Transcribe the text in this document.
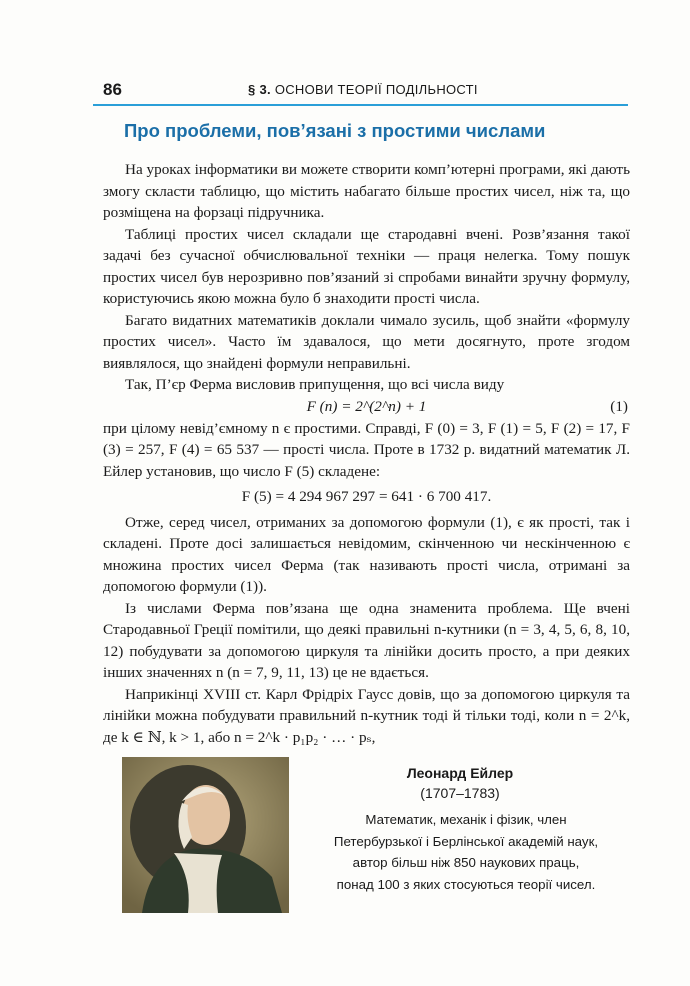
86	§ 3. ОСНОВИ ТЕОРІЇ ПОДІЛЬНОСТІ
Про проблеми, пов’язані з простими числами

На уроках інформатики ви можете створити комп’ютерні програми, які дають змогу скласти таблицю, що містить набагато більше простих чисел, ніж та, що розміщена на форзаці підручника.

Таблиці простих чисел складали ще стародавні вчені. Розв’язання такої задачі без сучасної обчислювальної техніки — праця нелегка. Тому пошук простих чисел був нерозривно пов’язаний зі спробами винайти зручну формулу, користуючись якою можна було б знаходити прості числа.

Багато видатних математиків доклали чимало зусиль, щоб знайти «формулу простих чисел». Часто їм здавалося, що мети досягнуто, проте згодом виявлялося, що знайдені формули неправильні.

Так, П’єр Ферма висловив припущення, що всі числа виду

F (n) = 2^(2^n) + 1	(1)

при цілому невід’ємному n є простими. Справді, F (0) = 3, F (1) = 5, F (2) = 17, F (3) = 257, F (4) = 65 537 — прості числа. Проте в 1732 р. видатний математик Л. Ейлер установив, що число F (5) складене:

F (5) = 4 294 967 297 = 641 · 6 700 417.

Отже, серед чисел, отриманих за допомогою формули (1), є як прості, так і складені. Проте досі залишається невідомим, скінченною чи нескінченною є множина простих чисел Ферма (так називають прості числа, отримані за допомогою формули (1)).

Із числами Ферма пов’язана ще одна знаменита проблема. Ще вчені Стародавньої Греції помітили, що деякі правильні n-кутники (n = 3, 4, 5, 6, 8, 10, 12) побудувати за допомогою циркуля та лінійки досить просто, а при деяких інших значеннях n (n = 7, 9, 11, 13) це не вдається.

Наприкінці XVIII ст. Карл Фрідріх Гаусс довів, що за допомогою циркуля та лінійки можна побудувати правильний n-кутник тоді й тільки тоді, коли n = 2^k, де k ∈ ℕ, k > 1, або n = 2^k · p₁p₂ · … · pₛ,

Леонард Ейлер
(1707–1783)
Математик, механік і фізик, член
Петербурзької і Берлінської академій наук,
автор більш ніж 850 наукових праць,
понад 100 з яких стосуються теорії чисел.
